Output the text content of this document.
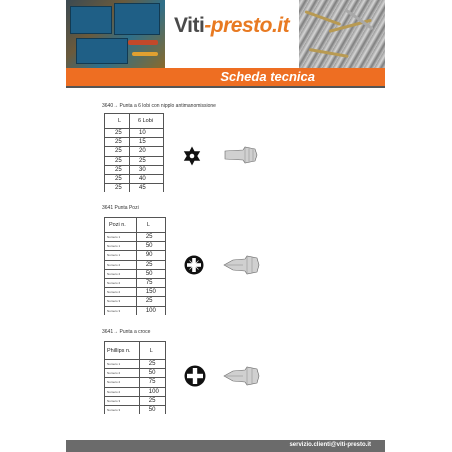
Viti-presto.it
Scheda tecnica
3640→ Punta a 6 lobi con nipplo antimanomissione
L	6 Lobi
25	10
25	15
25	20
25	25
25	30
25	40
25	45
3641 Punta Pozi
Pozi n.	L
Numero 1	25
Numero 1	50
Numero 1	90
Numero 2	25
Numero 2	50
Numero 2	75
Numero 2	150
Numero 3	25
Numero 3	100
3641→ Punta a croce
Phillips n.	L
Numero 1	25
Numero 2	50
Numero 2	75
Numero 2	100
Numero 3	25
Numero 3	50
servizio.clienti@viti-presto.it
